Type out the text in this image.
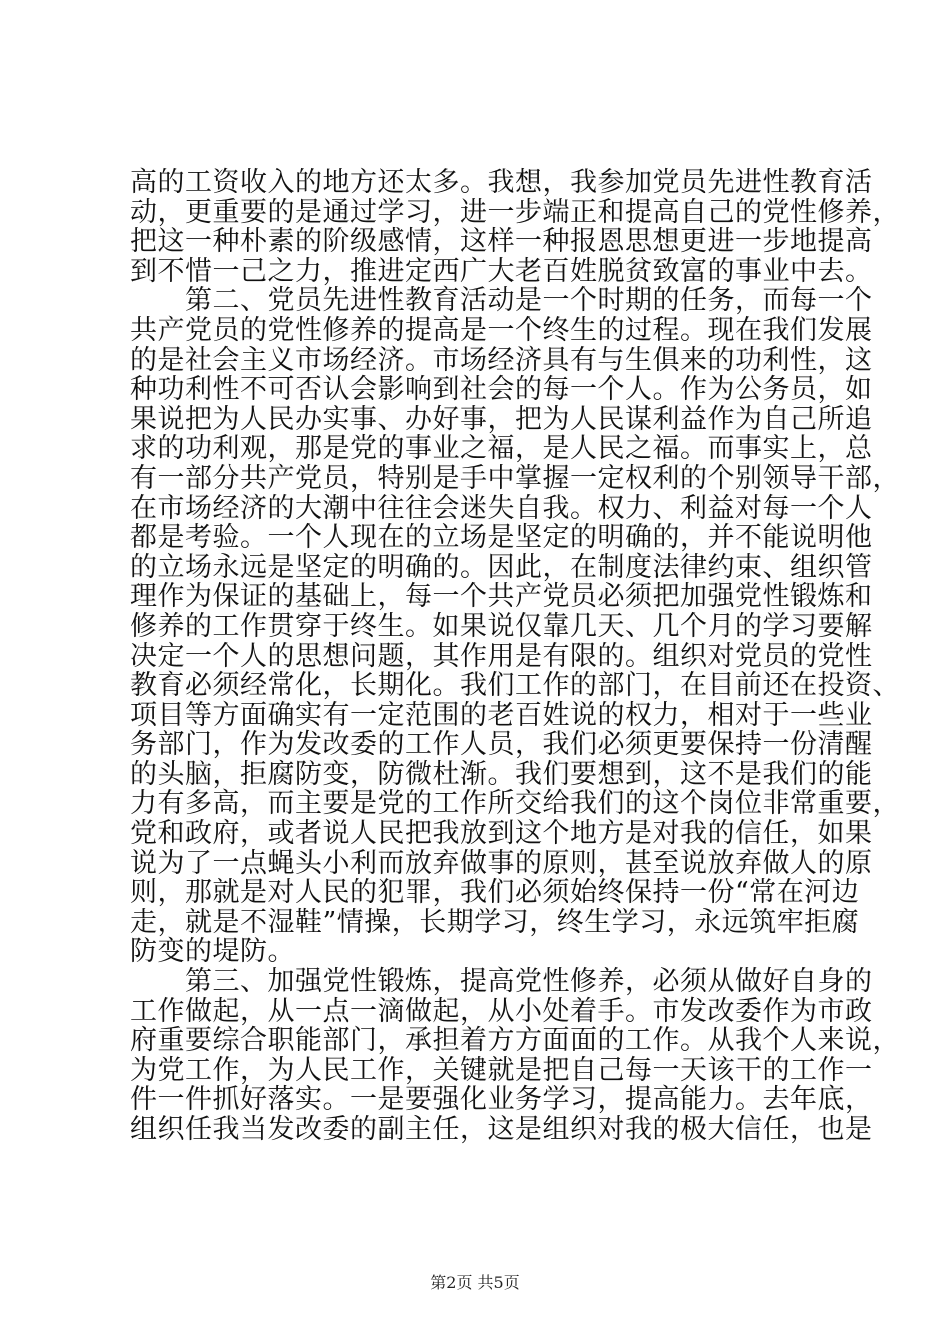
高的工资收入的地方还太多。我想，我参加党员先进性教育活
动，更重要的是通过学习，进一步端正和提高自己的党性修养，
把这一种朴素的阶级感情，这样一种报恩思想更进一步地提高
到不惜一己之力，推进定西广大老百姓脱贫致富的事业中去。
　　第二、党员先进性教育活动是一个时期的任务，而每一个
共产党员的党性修养的提高是一个终生的过程。现在我们发展
的是社会主义市场经济。市场经济具有与生俱来的功利性，这
种功利性不可否认会影响到社会的每一个人。作为公务员，如
果说把为人民办实事、办好事，把为人民谋利益作为自己所追
求的功利观，那是党的事业之福，是人民之福。而事实上，总
有一部分共产党员，特别是手中掌握一定权利的个别领导干部，
在市场经济的大潮中往往会迷失自我。权力、利益对每一个人
都是考验。一个人现在的立场是坚定的明确的，并不能说明他
的立场永远是坚定的明确的。因此，在制度法律约束、组织管
理作为保证的基础上，每一个共产党员必须把加强党性锻炼和
修养的工作贯穿于终生。如果说仅靠几天、几个月的学习要解
决定一个人的思想问题，其作用是有限的。组织对党员的党性
教育必须经常化，长期化。我们工作的部门，在目前还在投资、
项目等方面确实有一定范围的老百姓说的权力，相对于一些业
务部门，作为发改委的工作人员，我们必须更要保持一份清醒
的头脑，拒腐防变，防微杜渐。我们要想到，这不是我们的能
力有多高，而主要是党的工作所交给我们的这个岗位非常重要，
党和政府，或者说人民把我放到这个地方是对我的信任，如果
说为了一点蝇头小利而放弃做事的原则，甚至说放弃做人的原
则，那就是对人民的犯罪，我们必须始终保持一份“常在河边
走，就是不湿鞋”情操，长期学习，终生学习，永远筑牢拒腐
防变的堤防。
　　第三、加强党性锻炼，提高党性修养，必须从做好自身的
工作做起，从一点一滴做起，从小处着手。市发改委作为市政
府重要综合职能部门，承担着方方面面的工作。从我个人来说，
为党工作，为人民工作，关键就是把自己每一天该干的工作一
件一件抓好落实。一是要强化业务学习，提高能力。去年底，
组织任我当发改委的副主任，这是组织对我的极大信任，也是
第2页 共5页
